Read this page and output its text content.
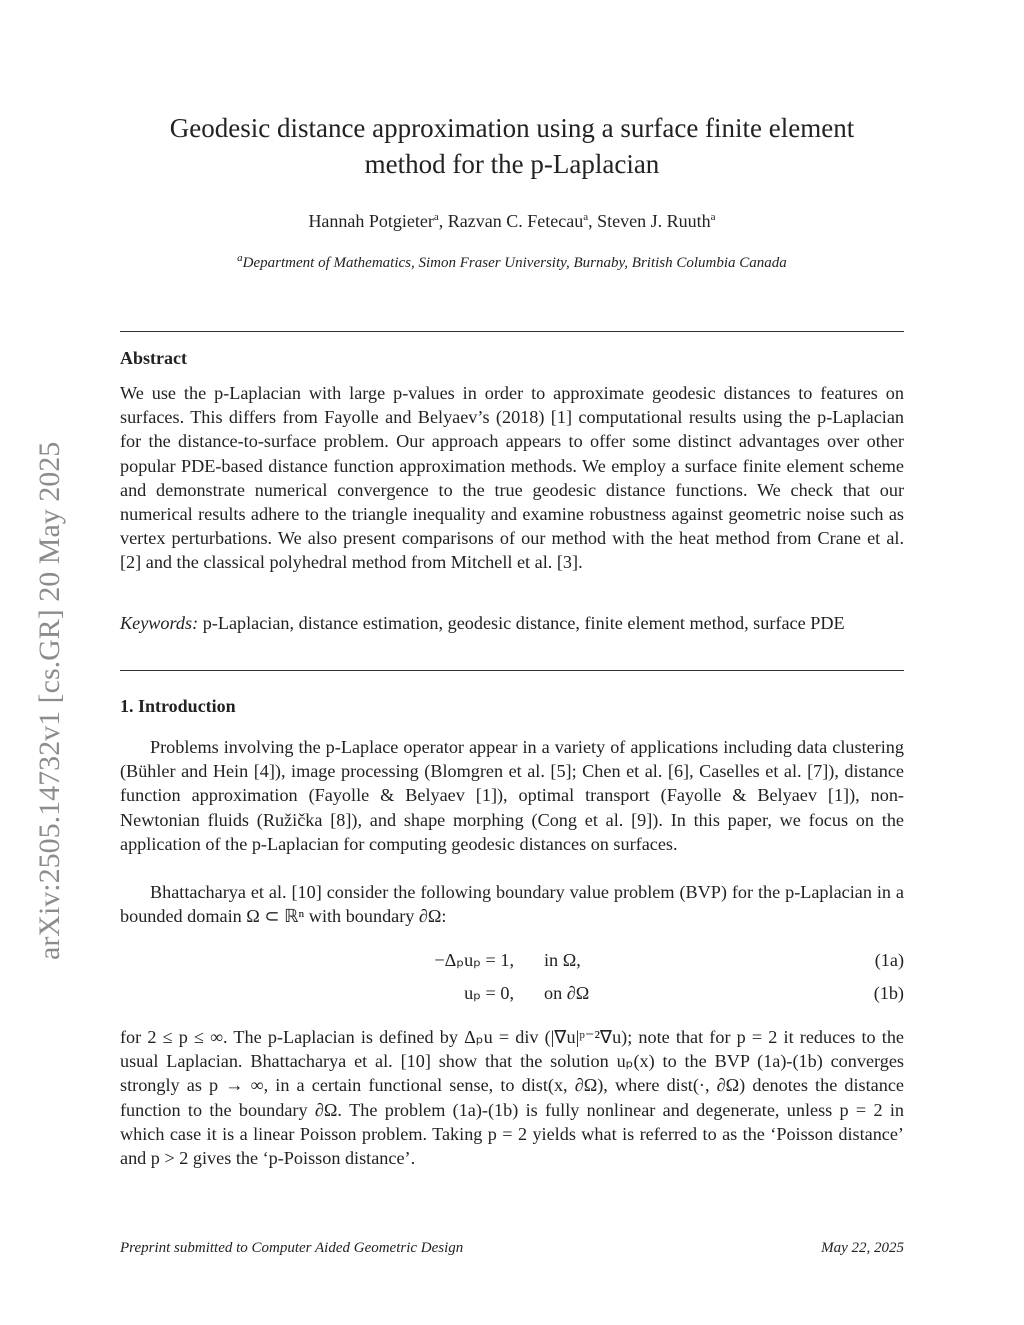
arXiv:2505.14732v1 [cs.GR] 20 May 2025
Geodesic distance approximation using a surface finite element
method for the p-Laplacian
Hannah Potgieter$^a$, Razvan C. Fetecau$^a$, Steven J. Ruuth$^a$
$^a$Department of Mathematics, Simon Fraser University, Burnaby, British Columbia Canada
Abstract
We use the p-Laplacian with large p-values in order to approximate geodesic distances to features on surfaces. This differs from Fayolle and Belyaev’s (2018) [1] computational results using the p-Laplacian for the distance-to-surface problem. Our approach appears to offer some distinct advantages over other popular PDE-based distance function approximation methods. We employ a surface finite element scheme and demonstrate numerical convergence to the true geodesic distance functions. We check that our numerical results adhere to the triangle inequality and examine robustness against geometric noise such as vertex perturbations. We also present comparisons of our method with the heat method from Crane et al. [2] and the classical polyhedral method from Mitchell et al. [3].
Keywords: p-Laplacian, distance estimation, geodesic distance, finite element method, surface PDE
1. Introduction
Problems involving the p-Laplace operator appear in a variety of applications including data clustering (Bühler and Hein [4]), image processing (Blomgren et al. [5]; Chen et al. [6], Caselles et al. [7]), distance function approximation (Fayolle & Belyaev [1]), optimal transport (Fayolle & Belyaev [1]), non-Newtonian fluids (Ružička [8]), and shape morphing (Cong et al. [9]). In this paper, we focus on the application of the p-Laplacian for computing geodesic distances on surfaces.
Bhattacharya et al. [10] consider the following boundary value problem (BVP) for the p-Laplacian in a bounded domain Ω ⊂ ℝⁿ with boundary ∂Ω:
−Δₚuₚ = 1, in Ω,	(1a)
uₚ = 0, on ∂Ω	(1b)
for 2 ≤ p ≤ ∞. The p-Laplacian is defined by Δₚu = div (|∇u|ᵖ⁻²∇u); note that for p = 2 it reduces to the usual Laplacian. Bhattacharya et al. [10] show that the solution uₚ(x) to the BVP (1a)-(1b) converges strongly as p → ∞, in a certain functional sense, to dist(x, ∂Ω), where dist(·, ∂Ω) denotes the distance function to the boundary ∂Ω. The problem (1a)-(1b) is fully nonlinear and degenerate, unless p = 2 in which case it is a linear Poisson problem. Taking p = 2 yields what is referred to as the ‘Poisson distance’ and p > 2 gives the ‘p-Poisson distance’.
Preprint submitted to Computer Aided Geometric Design	May 22, 2025
